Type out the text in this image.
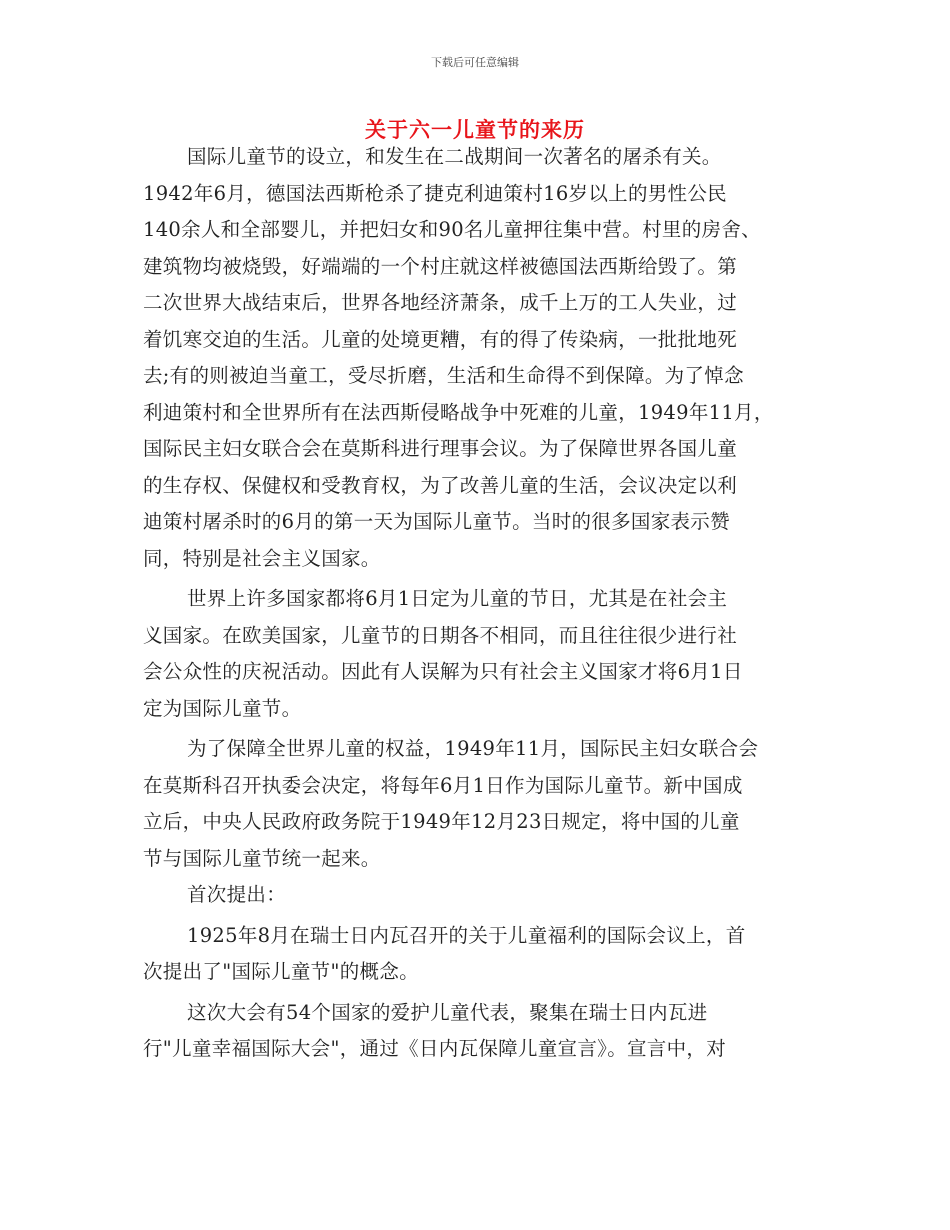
下载后可任意编辑
关于六一儿童节的来历
国际儿童节的设立，和发生在二战期间一次著名的屠杀有关。
1942年6月，德国法西斯枪杀了捷克利迪策村16岁以上的男性公民
140余人和全部婴儿，并把妇女和90名儿童押往集中营。村里的房舍、
建筑物均被烧毁，好端端的一个村庄就这样被德国法西斯给毁了。第
二次世界大战结束后，世界各地经济萧条，成千上万的工人失业，过
着饥寒交迫的生活。儿童的处境更糟，有的得了传染病，一批批地死
去;有的则被迫当童工，受尽折磨，生活和生命得不到保障。为了悼念
利迪策村和全世界所有在法西斯侵略战争中死难的儿童，1949年11月，
国际民主妇女联合会在莫斯科进行理事会议。为了保障世界各国儿童
的生存权、保健权和受教育权，为了改善儿童的生活，会议决定以利
迪策村屠杀时的6月的第一天为国际儿童节。当时的很多国家表示赞
同，特别是社会主义国家。
世界上许多国家都将6月1日定为儿童的节日，尤其是在社会主
义国家。在欧美国家，儿童节的日期各不相同，而且往往很少进行社
会公众性的庆祝活动。因此有人误解为只有社会主义国家才将6月1日
定为国际儿童节。
为了保障全世界儿童的权益，1949年11月，国际民主妇女联合会
在莫斯科召开执委会决定，将每年6月1日作为国际儿童节。新中国成
立后，中央人民政府政务院于1949年12月23日规定，将中国的儿童
节与国际儿童节统一起来。
首次提出：
1925年8月在瑞士日内瓦召开的关于儿童福利的国际会议上，首
次提出了"国际儿童节"的概念。
这次大会有54个国家的爱护儿童代表，聚集在瑞士日内瓦进
行"儿童幸福国际大会"，通过《日内瓦保障儿童宣言》。宣言中，对
